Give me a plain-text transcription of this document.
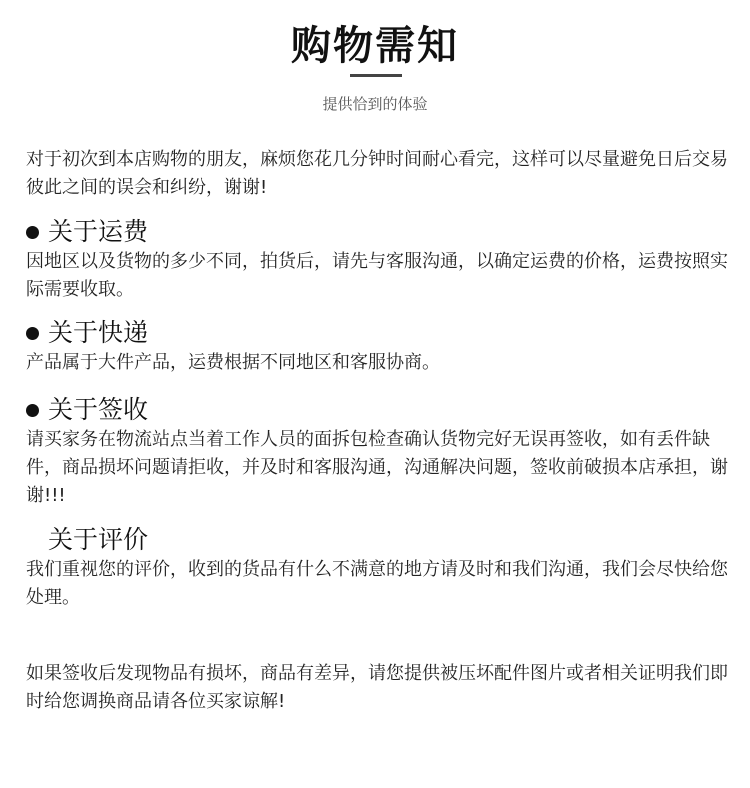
购物需知
提供恰到的体验

对于初次到本店购物的朋友，麻烦您花几分钟时间耐心看完，这样可以尽量避免日后交易彼此之间的误会和纠纷，谢谢!

关于运费

因地区以及货物的多少不同，拍货后，请先与客服沟通，以确定运费的价格，运费按照实际需要收取。

关于快递

产品属于大件产品，运费根据不同地区和客服协商。

关于签收

请买家务在物流站点当着工作人员的面拆包检查确认货物完好无误再签收，如有丢件缺件，商品损坏问题请拒收，并及时和客服沟通，沟通解决问题，签收前破损本店承担，谢谢!!!

关于评价

我们重视您的评价，收到的货品有什么不满意的地方请及时和我们沟通，我们会尽快给您处理。

如果签收后发现物品有损坏，商品有差异，请您提供被压坏配件图片或者相关证明我们即时给您调换商品请各位买家谅解!
